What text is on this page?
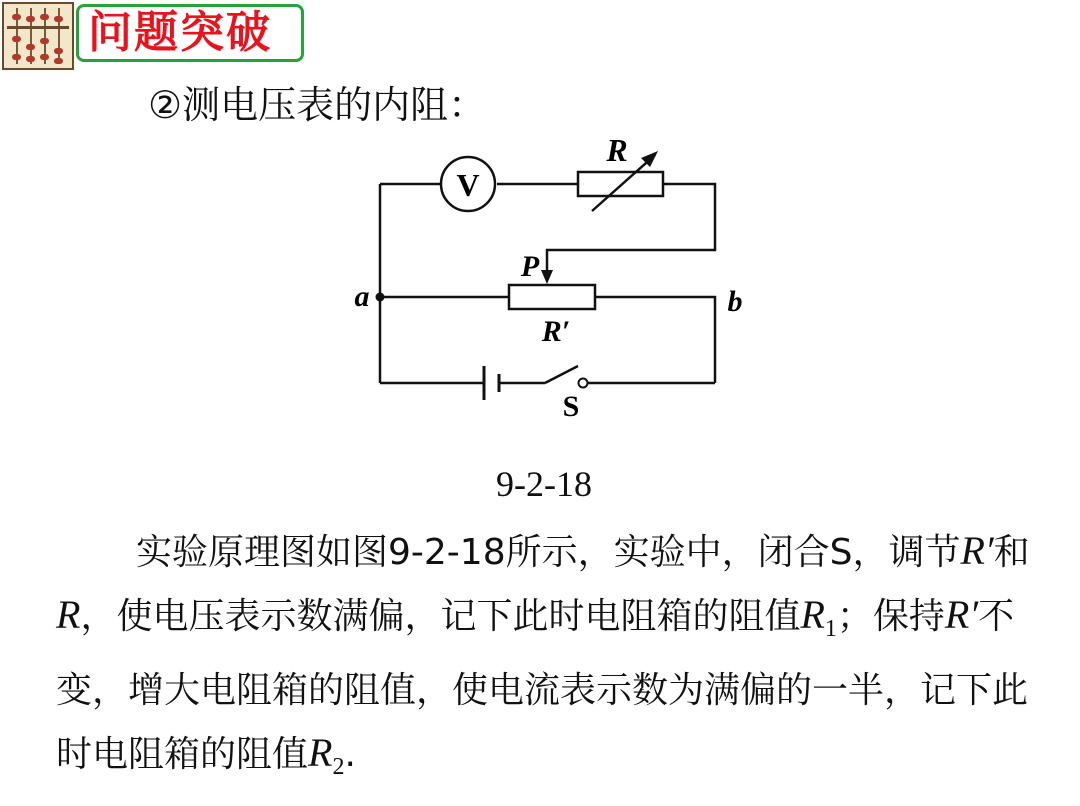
问题突破
②测电压表的内阻：
V
R
P
R′
a	b
S
9-2-18
实验原理图如图9-2-18所示，实验中，闭合S，调节R′和R，使电压表示数满偏，记下此时电阻箱的阻值$R_1$；保持R′不变，增大电阻箱的阻值，使电流表示数为满偏的一半，记下此时电阻箱的阻值$R_2$.
